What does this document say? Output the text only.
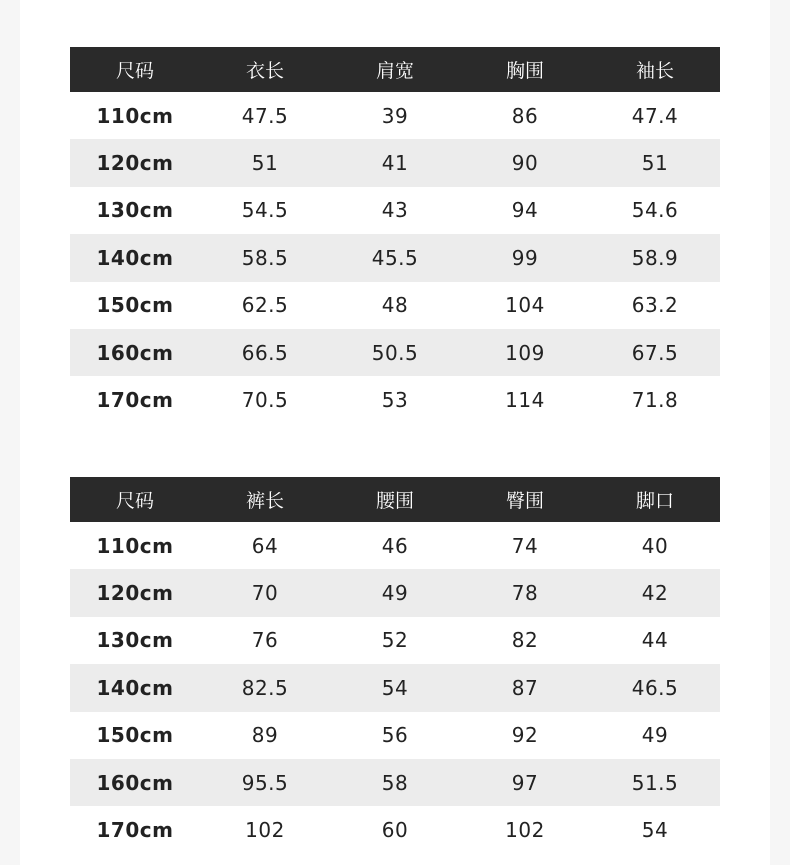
尺码	衣长	肩宽	胸围	袖长
110cm	47.5	39	86	47.4
120cm	51	41	90	51
130cm	54.5	43	94	54.6
140cm	58.5	45.5	99	58.9
150cm	62.5	48	104	63.2
160cm	66.5	50.5	109	67.5
170cm	70.5	53	114	71.8
尺码	裤长	腰围	臀围	脚口
110cm	64	46	74	40
120cm	70	49	78	42
130cm	76	52	82	44
140cm	82.5	54	87	46.5
150cm	89	56	92	49
160cm	95.5	58	97	51.5
170cm	102	60	102	54
